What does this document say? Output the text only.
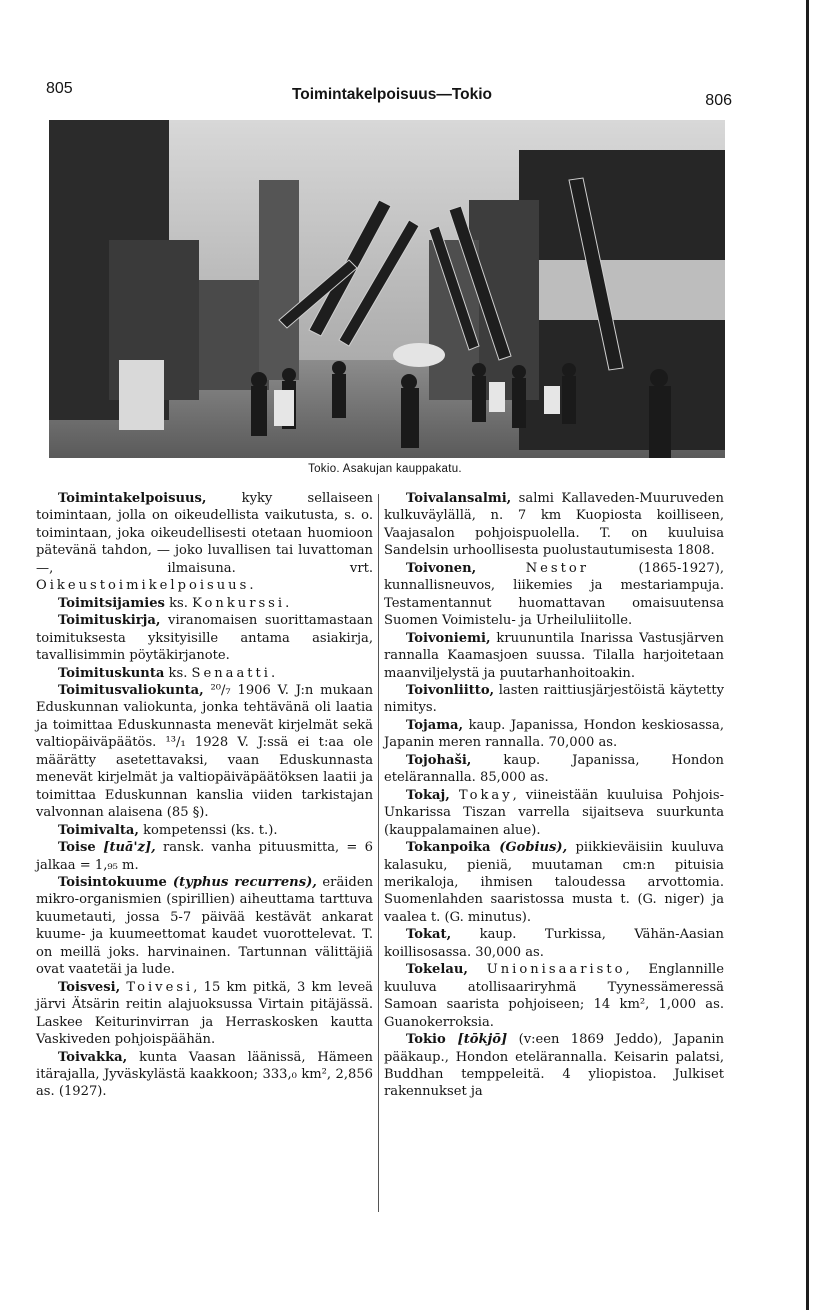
805	Toimintakelpoisuus—Tokio	806
Tokio. Asakujan kauppakatu.

Toimintakelpoisuus, kyky sellaiseen toimintaan, jolla on oikeudellista vaikutusta, s. o. toimintaan, joka oikeudellisesti otetaan huomioon pätevänä tahdon, — joko luvallisen tai luvattoman —, ilmaisuna. vrt. Oikeustoimikelpoisuus.

Toimitsijamies ks. Konkurssi.

Toimituskirja, viranomaisen suorittamastaan toimituksesta yksityisille antama asiakirja, tavallisimmin pöytäkirjanote.

Toimituskunta ks. Senaatti.

Toimitusvaliokunta, ²⁰/₇ 1906 V. J:n mukaan Eduskunnan valiokunta, jonka tehtävänä oli laatia ja toimittaa Eduskunnasta menevät kirjelmät sekä valtiopäiväpäätös. ¹³/₁ 1928 V. J:ssä ei t:aa ole määrätty asetettavaksi, vaan Eduskunnasta menevät kirjelmät ja valtiopäiväpäätöksen laatii ja toimittaa Eduskunnan kanslia viiden tarkistajan valvonnan alaisena (85 §).

Toimivalta, kompetenssi (ks. t.).

Toise [tuā'z], ransk. vanha pituusmitta, = 6 jalkaa = 1,₉₅ m.

Toisintokuume (typhus recurrens), eräiden mikro-organismien (spirillien) aiheuttama tarttuva kuumetauti, jossa 5-7 päivää kestävät ankarat kuume- ja kuumeettomat kaudet vuorottelevat. T. on meillä joks. harvinainen. Tartunnan välittäjiä ovat vaatetäi ja lude.

Toisvesi, Toivesi, 15 km pitkä, 3 km leveä järvi Ätsärin reitin alajuoksussa Virtain pitäjässä. Laskee Keiturinvirran ja Herraskosken kautta Vaskiveden pohjoispäähän.

Toivakka, kunta Vaasan läänissä, Hämeen itärajalla, Jyväskylästä kaakkoon; 333,₀ km², 2,856 as. (1927).

Toivalansalmi, salmi Kallaveden-Muuruveden kulkuväylällä, n. 7 km Kuopiosta koilliseen, Vaajasalon pohjoispuolella. T. on kuuluisa Sandelsin urhoollisesta puolustautumisesta 1808.

Toivonen,	Nestor (1865-1927), kunnallisneuvos, liikemies ja mestariampuja. Testamentannut huomattavan omaisuutensa Suomen Voimistelu- ja Urheiluliitolle.

Toivoniemi, kruununtila Inarissa Vastusjärven rannalla Kaamasjoen suussa. Tilalla harjoitetaan maanviljelystä ja puutarhanhoitoakin.

Toivonliitto, lasten raittiusjärjestöistä käytetty nimitys.

Tojama, kaup. Japanissa, Hondon keskiosassa, Japanin meren rannalla. 70,000 as.

Tojohaši, kaup. Japanissa, Hondon etelärannalla. 85,000 as.

Tokaj, Tokay, viineistään kuuluisa Pohjois-Unkarissa Tiszan varrella sijaitseva suurkunta (kauppalamainen alue).

Tokanpoika (Gobius), piikkieväisiin kuuluva kalasuku, pieniä, muutaman cm:n pituisia merikaloja, ihmisen taloudessa arvottomia. Suomenlahden saaristossa musta t. (G. niger) ja vaalea t. (G. minutus).

Tokat, kaup. Turkissa, Vähän-Aasian koillisosassa. 30,000 as.

Tokelau, Unionisaaristo, Englannille kuuluva atollisaariryhmä Tyynessämeressä Samoan saarista pohjoiseen; 14 km², 1,000 as. Guanokerroksia.

Tokio [tōkjō] (v:een 1869 Jeddo), Japanin pääkaup., Hondon etelärannalla. Keisarin palatsi, Buddhan temppeleitä. 4 yliopistoa. Julkiset rakennukset ja
